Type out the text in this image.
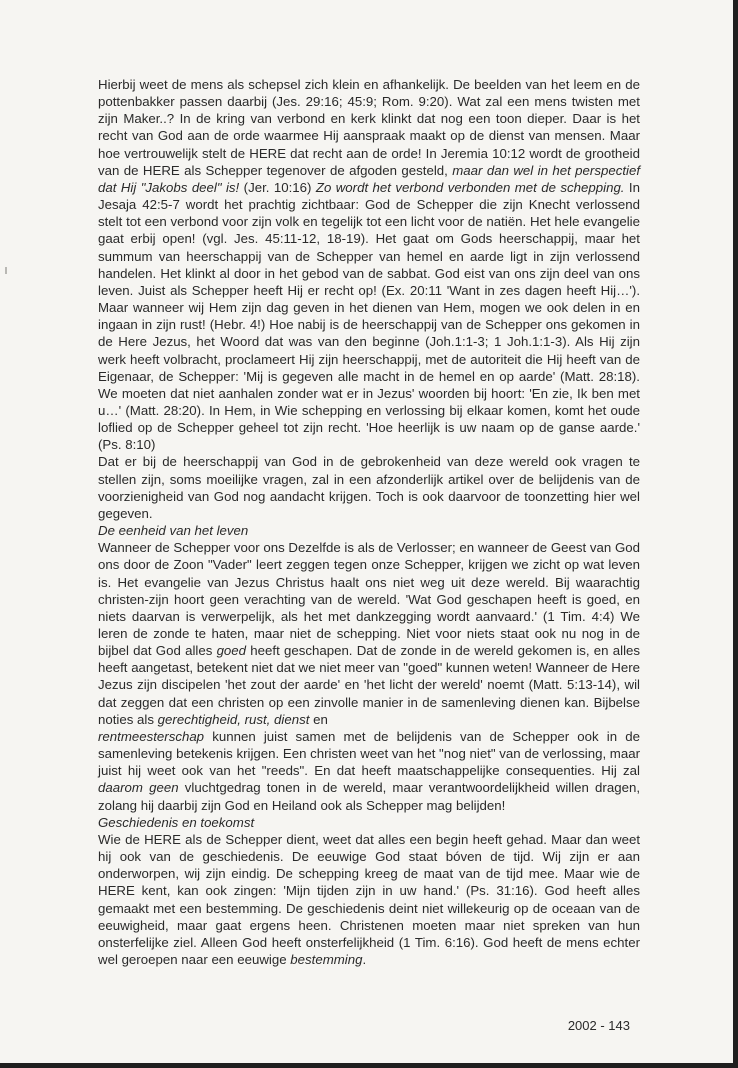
Hierbij weet de mens als schepsel zich klein en afhankelijk. De beelden van het leem en de pottenbakker passen daarbij (Jes. 29:16; 45:9; Rom. 9:20). Wat zal een mens twisten met zijn Maker..? In de kring van verbond en kerk klinkt dat nog een toon dieper. Daar is het recht van God aan de orde waarmee Hij aanspraak maakt op de dienst van mensen. Maar hoe vertrouwelijk stelt de HERE dat recht aan de orde! In Jeremia 10:12 wordt de grootheid van de HERE als Schepper tegenover de afgoden gesteld, maar dan wel in het perspectief dat Hij "Jakobs deel" is! (Jer. 10:16) Zo wordt het verbond verbonden met de schepping. In Jesaja 42:5-7 wordt het prachtig zichtbaar: God de Schepper die zijn Knecht verlossend stelt tot een verbond voor zijn volk en tegelijk tot een licht voor de natiën. Het hele evangelie gaat erbij open! (vgl. Jes. 45:11-12, 18-19). Het gaat om Gods heerschappij, maar het summum van heerschappij van de Schepper van hemel en aarde ligt in zijn verlossend handelen. Het klinkt al door in het gebod van de sabbat. God eist van ons zijn deel van ons leven. Juist als Schepper heeft Hij er recht op! (Ex. 20:11 'Want in zes dagen heeft Hij…'). Maar wanneer wij Hem zijn dag geven in het dienen van Hem, mogen we ook delen in en ingaan in zijn rust! (Hebr. 4!) Hoe nabij is de heerschappij van de Schepper ons gekomen in de Here Jezus, het Woord dat was van den beginne (Joh.1:1-3; 1 Joh.1:1-3). Als Hij zijn werk heeft volbracht, proclameert Hij zijn heerschappij, met de autoriteit die Hij heeft van de Eigenaar, de Schepper: 'Mij is gegeven alle macht in de hemel en op aarde' (Matt. 28:18). We moeten dat niet aanhalen zonder wat er in Jezus' woorden bij hoort: 'En zie, Ik ben met u…' (Matt. 28:20). In Hem, in Wie schepping en verlossing bij elkaar komen, komt het oude loflied op de Schepper geheel tot zijn recht. 'Hoe heerlijk is uw naam op de ganse aarde.' (Ps. 8:10)

Dat er bij de heerschappij van God in de gebrokenheid van deze wereld ook vragen te stellen zijn, soms moeilijke vragen, zal in een afzonderlijk artikel over de belijdenis van de voorzienigheid van God nog aandacht krijgen. Toch is ook daarvoor de toonzetting hier wel gegeven.

De eenheid van het leven

Wanneer de Schepper voor ons Dezelfde is als de Verlosser; en wanneer de Geest van God ons door de Zoon "Vader" leert zeggen tegen onze Schepper, krijgen we zicht op wat leven is. Het evangelie van Jezus Christus haalt ons niet weg uit deze wereld. Bij waarachtig christen-zijn hoort geen verachting van de wereld. 'Wat God geschapen heeft is goed, en niets daarvan is verwerpelijk, als het met dankzegging wordt aanvaard.' (1 Tim. 4:4) We leren de zonde te haten, maar niet de schepping. Niet voor niets staat ook nu nog in de bijbel dat God alles goed heeft geschapen. Dat de zonde in de wereld gekomen is, en alles heeft aangetast, betekent niet dat we niet meer van "goed" kunnen weten! Wanneer de Here Jezus zijn discipelen 'het zout der aarde' en 'het licht der wereld' noemt (Matt. 5:13-14), wil dat zeggen dat een christen op een zinvolle manier in de samenleving dienen kan. Bijbelse noties als gerechtigheid, rust, dienst en
rentmeesterschap kunnen juist samen met de belijdenis van de Schepper ook in de samenleving betekenis krijgen. Een christen weet van het "nog niet" van de verlossing, maar juist hij weet ook van het "reeds". En dat heeft maatschappelijke consequenties. Hij zal daarom geen vluchtgedrag tonen in de wereld, maar verantwoordelijkheid willen dragen, zolang hij daarbij zijn God en Heiland ook als Schepper mag belijden!

Geschiedenis en toekomst

Wie de HERE als de Schepper dient, weet dat alles een begin heeft gehad. Maar dan weet hij ook van de geschiedenis. De eeuwige God staat bóven de tijd. Wij zijn er aan onderworpen, wij zijn eindig. De schepping kreeg de maat van de tijd mee. Maar wie de HERE kent, kan ook zingen: 'Mijn tijden zijn in uw hand.' (Ps. 31:16). God heeft alles gemaakt met een bestemming. De geschiedenis deint niet willekeurig op de oceaan van de eeuwigheid, maar gaat ergens heen. Christenen moeten maar niet spreken van hun onsterfelijke ziel. Alleen God heeft onsterfelijkheid (1 Tim. 6:16). God heeft de mens echter wel geroepen naar een eeuwige bestemming.

2002 - 143
